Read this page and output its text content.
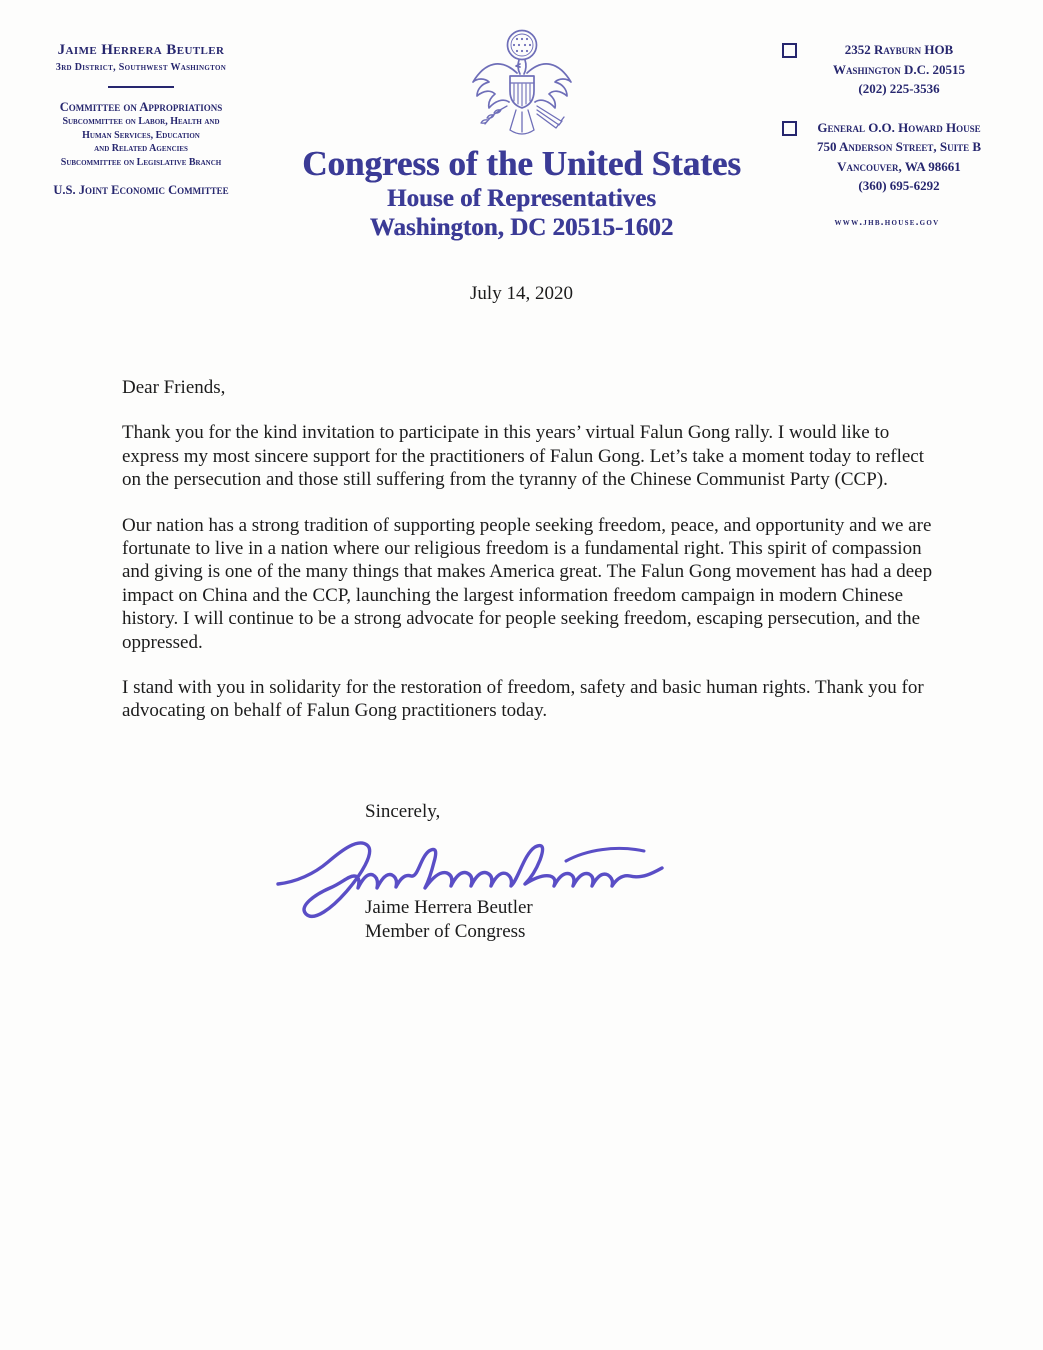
Jaime Herrera Beutler
3rd District, Southwest Washington
Committee on Appropriations
Subcommittee on Labor, Health and
Human Services, Education
and Related Agencies
Subcommittee on Legislative Branch
U.S. Joint Economic Committee
Congress of the United States
House of Representatives
Washington, DC 20515-1602
2352 Rayburn HOB
Washington D.C. 20515
(202) 225-3536
General O.O. Howard House
750 Anderson Street, Suite B
Vancouver, WA 98661
(360) 695-6292
www.jhb.house.gov
July 14, 2020

Dear Friends,

Thank you for the kind invitation to participate in this years’ virtual Falun Gong rally. I would like to express my most sincere support for the practitioners of Falun Gong. Let’s take a moment today to reflect on the persecution and those still suffering from the tyranny of the Chinese Communist Party (CCP).

Our nation has a strong tradition of supporting people seeking freedom, peace, and opportunity and we are fortunate to live in a nation where our religious freedom is a fundamental right. This spirit of compassion and giving is one of the many things that makes America great. The Falun Gong movement has had a deep impact on China and the CCP, launching the largest information freedom campaign in modern Chinese history. I will continue to be a strong advocate for people seeking freedom, escaping persecution, and the oppressed.

I stand with you in solidarity for the restoration of freedom, safety and basic human rights. Thank you for advocating on behalf of Falun Gong practitioners today.

Sincerely,
Jaime Herrera Beutler
Member of Congress
